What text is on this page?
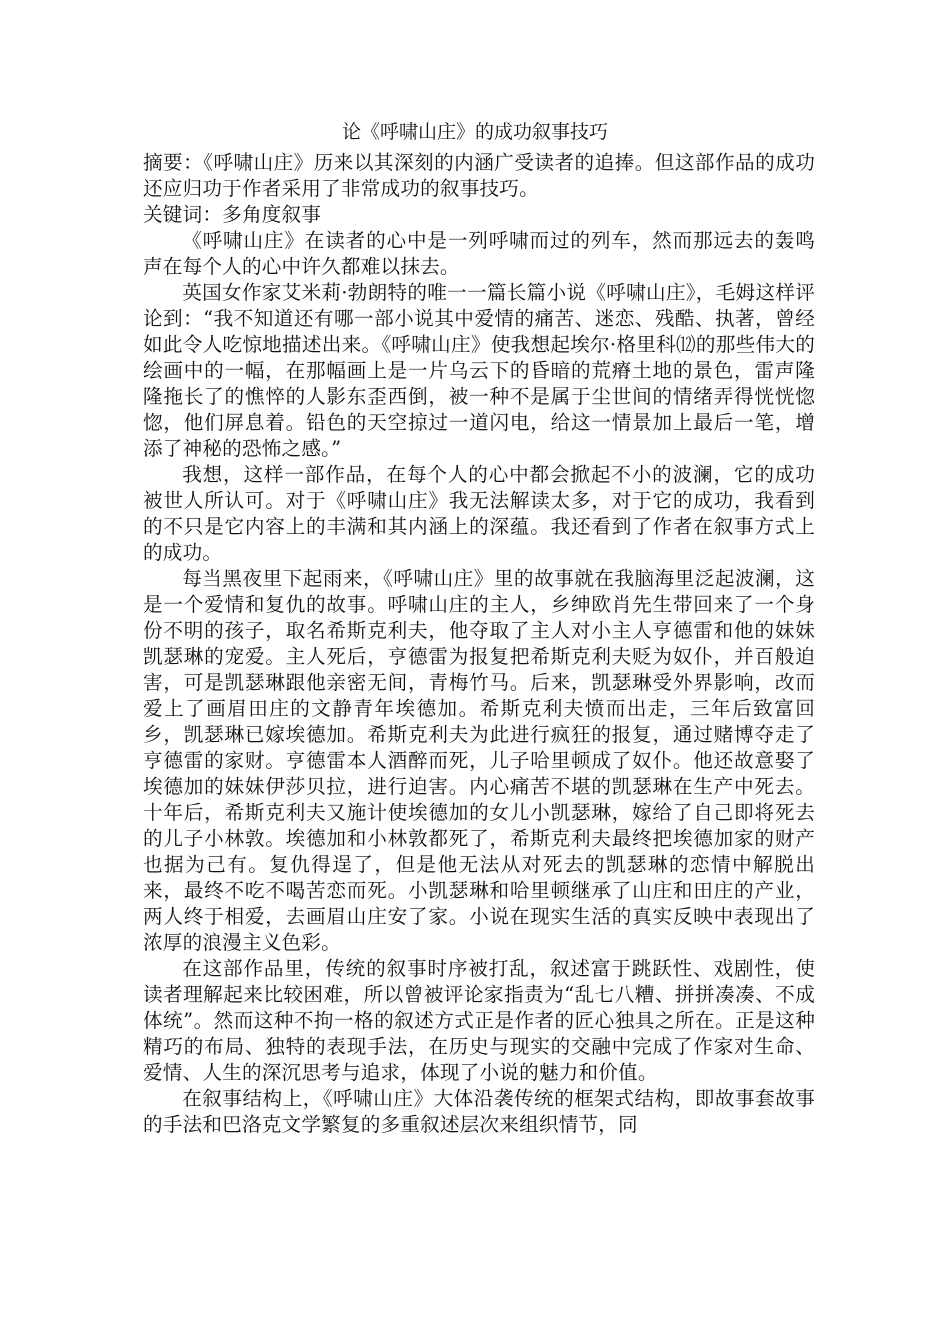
论《呼啸山庄》的成功叙事技巧
摘要：《呼啸山庄》历来以其深刻的内涵广受读者的追捧。但这部作品的成功还应归功于作者采用了非常成功的叙事技巧。
关键词：多角度叙事

《呼啸山庄》在读者的心中是一列呼啸而过的列车，然而那远去的轰鸣声在每个人的心中许久都难以抹去。

英国女作家艾米莉·勃朗特的唯一一篇长篇小说《呼啸山庄》，毛姆这样评论到：“我不知道还有哪一部小说其中爱情的痛苦、迷恋、残酷、执著，曾经如此令人吃惊地描述出来。《呼啸山庄》使我想起埃尔·格里科⑿的那些伟大的绘画中的一幅，在那幅画上是一片乌云下的昏暗的荒瘠土地的景色，雷声隆隆拖长了的憔悴的人影东歪西倒，被一种不是属于尘世间的情绪弄得恍恍惚惚，他们屏息着。铅色的天空掠过一道闪电，给这一情景加上最后一笔，增添了神秘的恐怖之感。”

我想，这样一部作品，在每个人的心中都会掀起不小的波澜，它的成功被世人所认可。对于《呼啸山庄》我无法解读太多，对于它的成功，我看到的不只是它内容上的丰满和其内涵上的深蕴。我还看到了作者在叙事方式上的成功。

每当黑夜里下起雨来，《呼啸山庄》里的故事就在我脑海里泛起波澜，这是一个爱情和复仇的故事。呼啸山庄的主人，乡绅欧肖先生带回来了一个身份不明的孩子，取名希斯克利夫，他夺取了主人对小主人亨德雷和他的妹妹凯瑟琳的宠爱。主人死后，亨德雷为报复把希斯克利夫贬为奴仆，并百般迫害，可是凯瑟琳跟他亲密无间，青梅竹马。后来，凯瑟琳受外界影响，改而爱上了画眉田庄的文静青年埃德加。希斯克利夫愤而出走，三年后致富回乡，凯瑟琳已嫁埃德加。希斯克利夫为此进行疯狂的报复，通过赌博夺走了亨德雷的家财。亨德雷本人酒醉而死，儿子哈里顿成了奴仆。他还故意娶了埃德加的妹妹伊莎贝拉，进行迫害。内心痛苦不堪的凯瑟琳在生产中死去。十年后，希斯克利夫又施计使埃德加的女儿小凯瑟琳，嫁给了自己即将死去的儿子小林敦。埃德加和小林敦都死了，希斯克利夫最终把埃德加家的财产也据为己有。复仇得逞了，但是他无法从对死去的凯瑟琳的恋情中解脱出来，最终不吃不喝苦恋而死。小凯瑟琳和哈里顿继承了山庄和田庄的产业，两人终于相爱，去画眉山庄安了家。小说在现实生活的真实反映中表现出了浓厚的浪漫主义色彩。

在这部作品里，传统的叙事时序被打乱，叙述富于跳跃性、戏剧性，使读者理解起来比较困难，所以曾被评论家指责为“乱七八糟、拼拼凑凑、不成体统”。然而这种不拘一格的叙述方式正是作者的匠心独具之所在。正是这种精巧的布局、独特的表现手法，在历史与现实的交融中完成了作家对生命、爱情、人生的深沉思考与追求，体现了小说的魅力和价值。

在叙事结构上，《呼啸山庄》大体沿袭传统的框架式结构，即故事套故事的手法和巴洛克文学繁复的多重叙述层次来组织情节，同
